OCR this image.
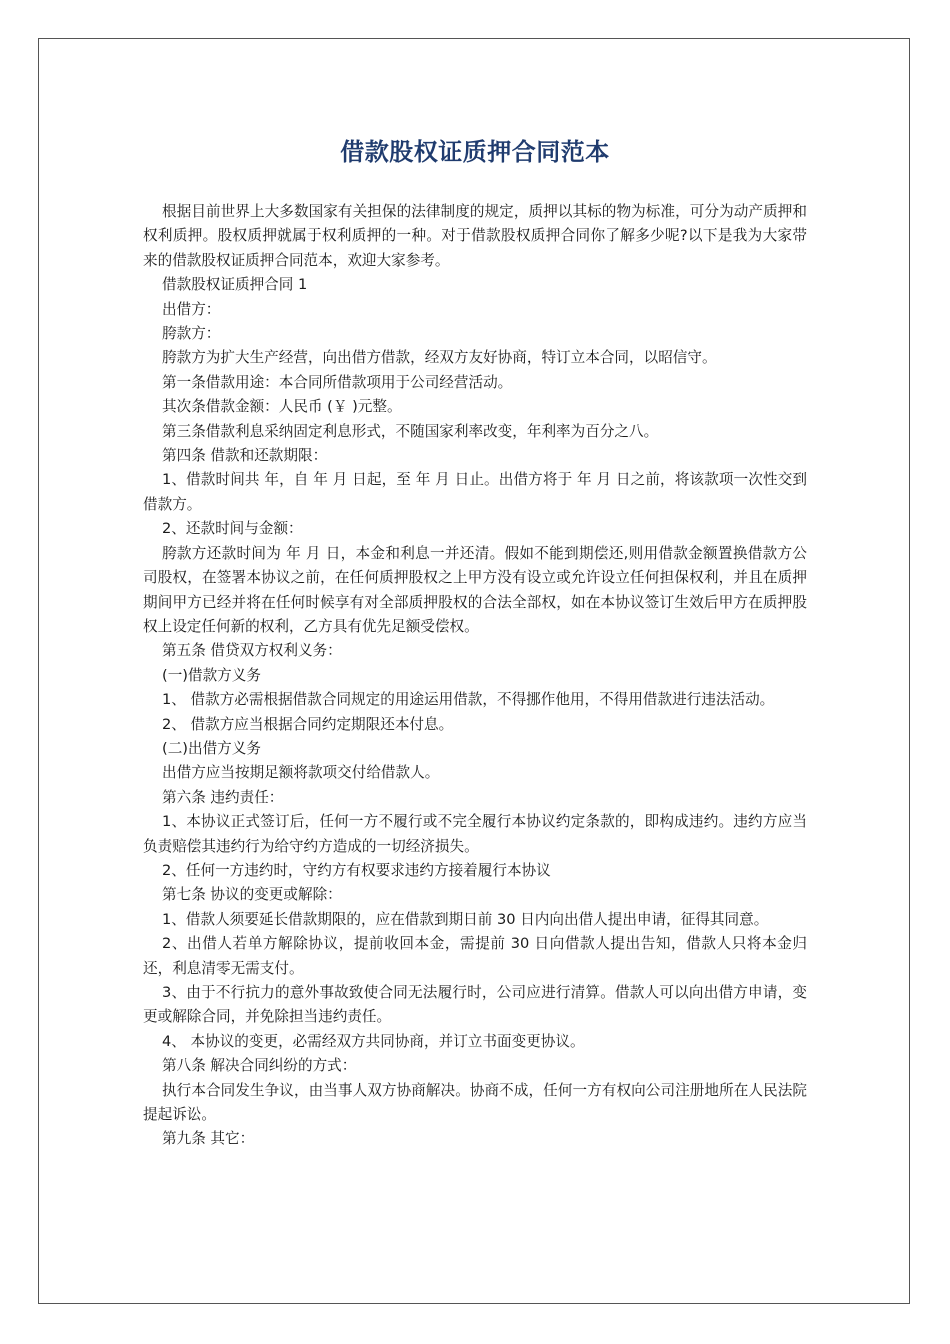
借款股权证质押合同范本

根据目前世界上大多数国家有关担保的法律制度的规定，质押以其标的物为标准，可分为动产质押和权利质押。股权质押就属于权利质押的一种。对于借款股权质押合同你了解多少呢?以下是我为大家带来的借款股权证质押合同范本，欢迎大家参考。

借款股权证质押合同 1

出借方：

胯款方：

胯款方为扩大生产经营，向出借方借款，经双方友好协商，特订立本合同，以昭信守。

第一条借款用途：本合同所借款项用于公司经营活动。

其次条借款金额：人民币 (￥ )元整。

第三条借款利息采纳固定利息形式，不随国家利率改变，年利率为百分之八。

第四条 借款和还款期限：

1、借款时间共 年，自 年 月 日起，至 年 月 日止。出借方将于 年 月 日之前，将该款项一次性交到借款方。

2、还款时间与金额：

胯款方还款时间为 年 月 日，本金和利息一并还清。假如不能到期偿还,则用借款金额置换借款方公司股权，在签署本协议之前，在任何质押股权之上甲方没有设立或允许设立任何担保权利，并且在质押期间甲方已经并将在任何时候享有对全部质押股权的合法全部权，如在本协议签订生效后甲方在质押股权上设定任何新的权利，乙方具有优先足额受偿权。

第五条 借贷双方权利义务：

(一)借款方义务

1、 借款方必需根据借款合同规定的用途运用借款，不得挪作他用，不得用借款进行违法活动。

2、 借款方应当根据合同约定期限还本付息。

(二)出借方义务

出借方应当按期足额将款项交付给借款人。

第六条 违约责任：

1、本协议正式签订后，任何一方不履行或不完全履行本协议约定条款的，即构成违约。违约方应当负责赔偿其违约行为给守约方造成的一切经济损失。

2、任何一方违约时，守约方有权要求违约方接着履行本协议

第七条 协议的变更或解除：

1、借款人须要延长借款期限的，应在借款到期日前 30 日内向出借人提出申请，征得其同意。

2、出借人若单方解除协议，提前收回本金，需提前 30 日向借款人提出告知，借款人只将本金归还，利息清零无需支付。

3、由于不行抗力的意外事故致使合同无法履行时，公司应进行清算。借款人可以向出借方申请，变更或解除合同，并免除担当违约责任。

4、 本协议的变更，必需经双方共同协商，并订立书面变更协议。

第八条 解决合同纠纷的方式：

执行本合同发生争议，由当事人双方协商解决。协商不成，任何一方有权向公司注册地所在人民法院提起诉讼。

第九条 其它：
